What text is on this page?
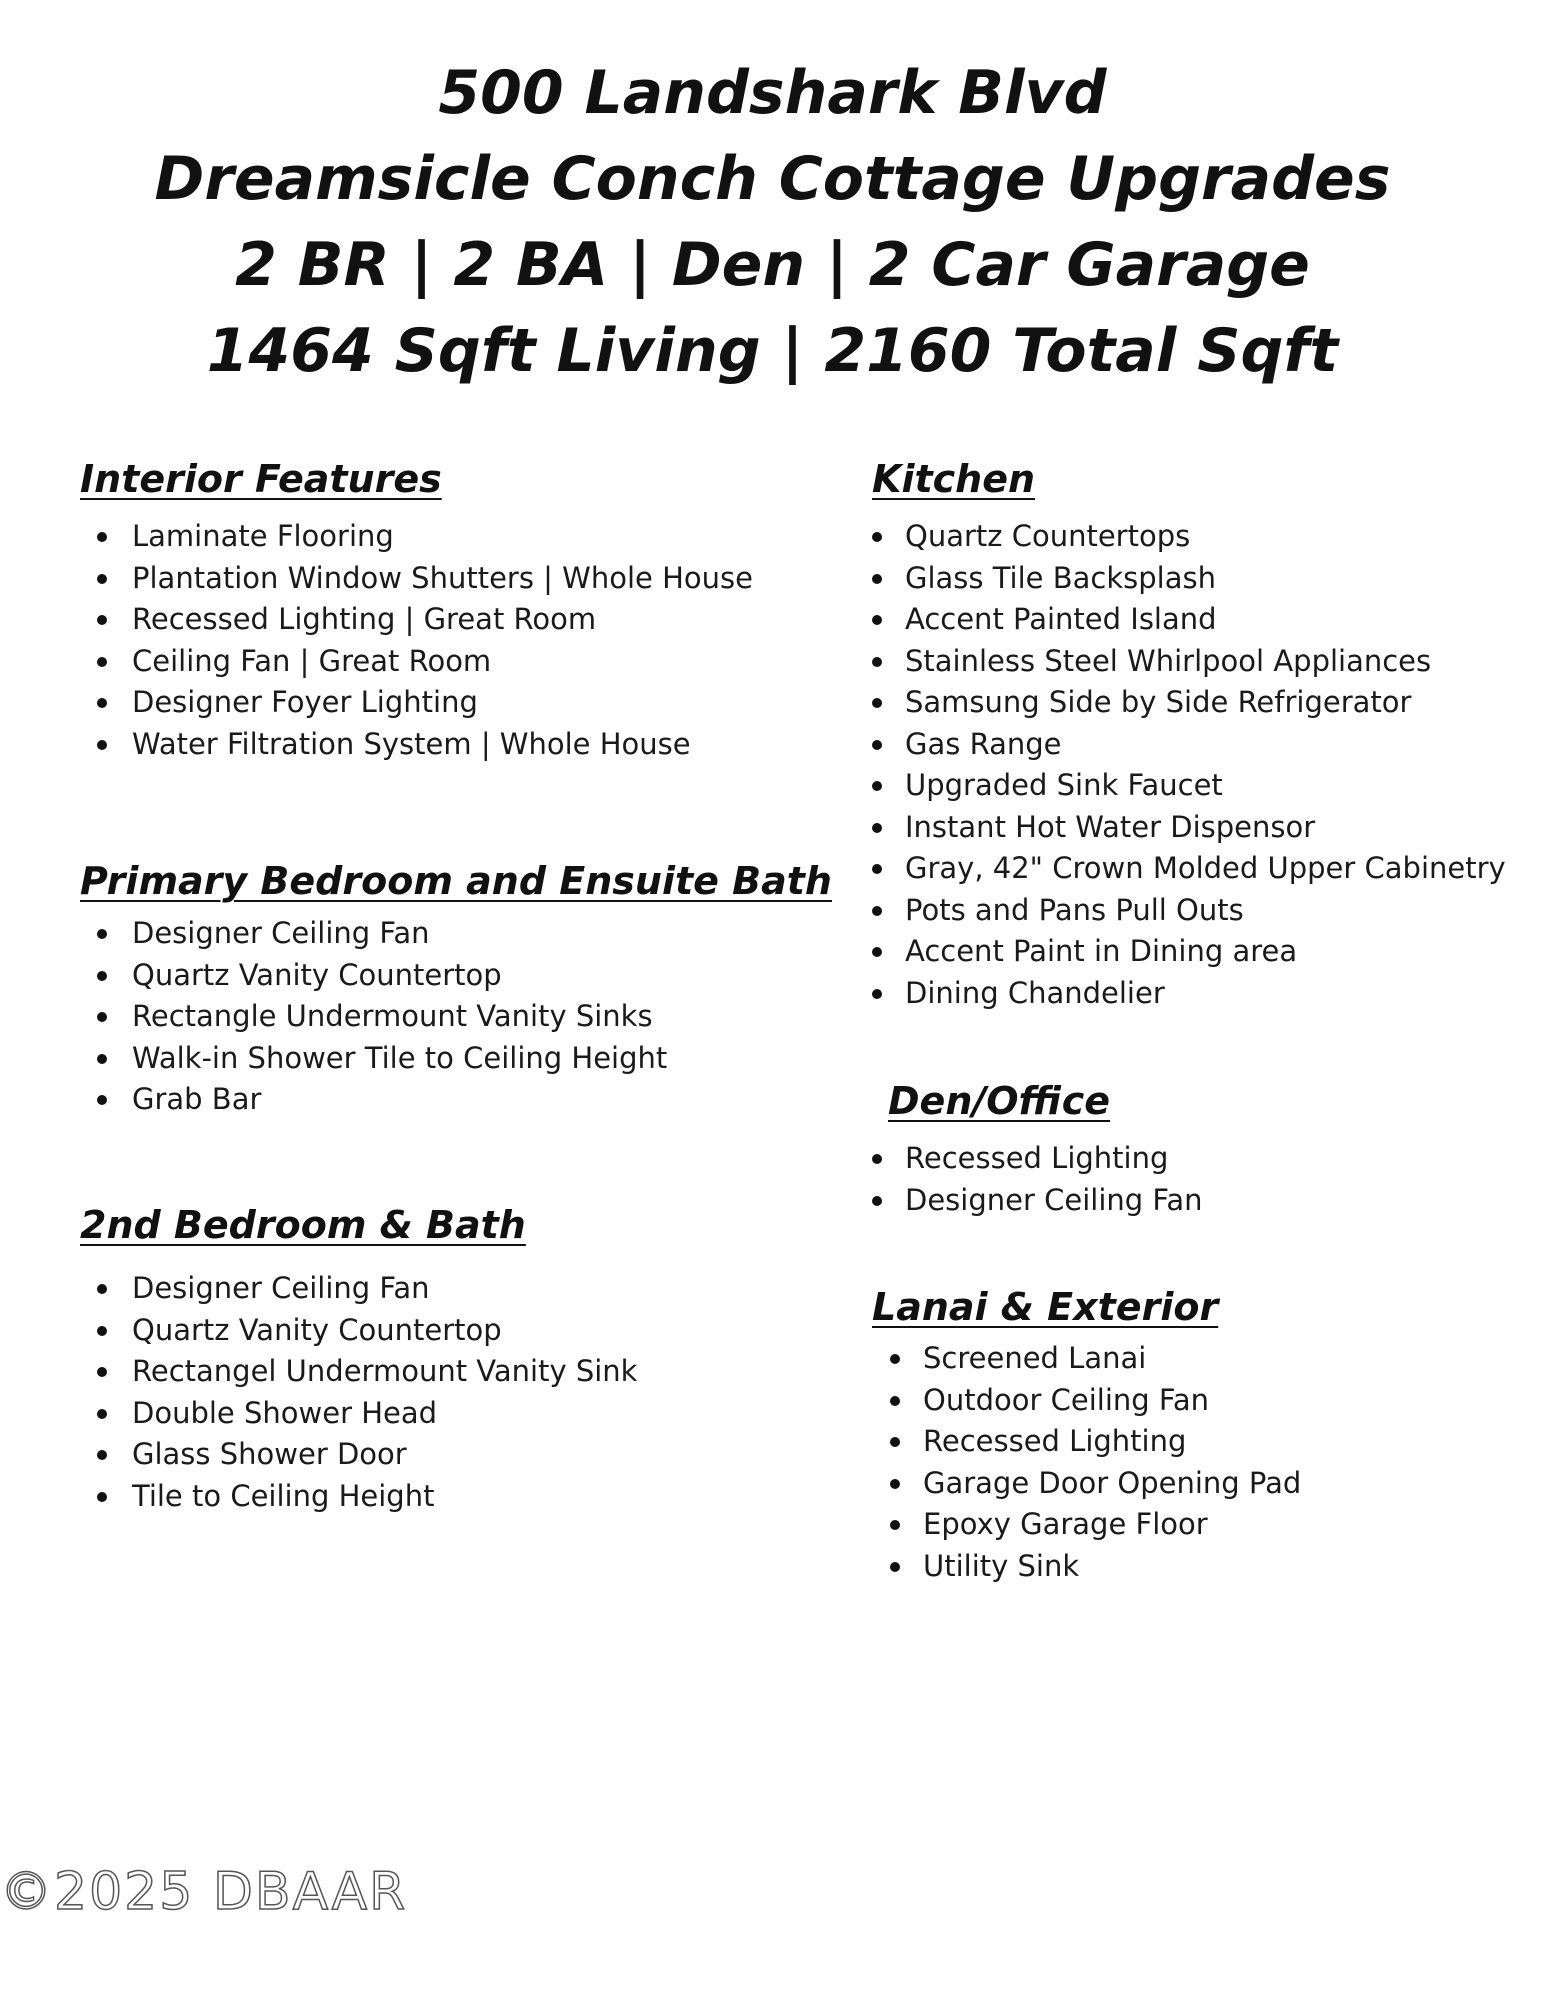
500 Landshark Blvd
Dreamsicle Conch Cottage Upgrades
2 BR | 2 BA | Den | 2 Car Garage
1464 Sqft Living | 2160 Total Sqft
Interior Features
Laminate Flooring
Plantation Window Shutters | Whole House
Recessed Lighting | Great Room
Ceiling Fan | Great Room
Designer Foyer Lighting
Water Filtration System | Whole House
Primary Bedroom and Ensuite Bath
Designer Ceiling Fan
Quartz Vanity Countertop
Rectangle Undermount Vanity Sinks
Walk-in Shower Tile to Ceiling Height
Grab Bar
2nd Bedroom & Bath
Designer Ceiling Fan
Quartz Vanity Countertop
Rectangel Undermount Vanity Sink
Double Shower Head
Glass Shower Door
Tile to Ceiling Height
Kitchen
Quartz Countertops
Glass Tile Backsplash
Accent Painted Island
Stainless Steel Whirlpool Appliances
Samsung Side by Side Refrigerator
Gas Range
Upgraded Sink Faucet
Instant Hot Water Dispensor
Gray, 42" Crown Molded Upper Cabinetry
Pots and Pans Pull Outs
Accent Paint in Dining area
Dining Chandelier
Den/Office
Recessed Lighting
Designer Ceiling Fan
Lanai & Exterior
Screened Lanai
Outdoor Ceiling Fan
Recessed Lighting
Garage Door Opening Pad
Epoxy Garage Floor
Utility Sink
©2025 DBAAR
